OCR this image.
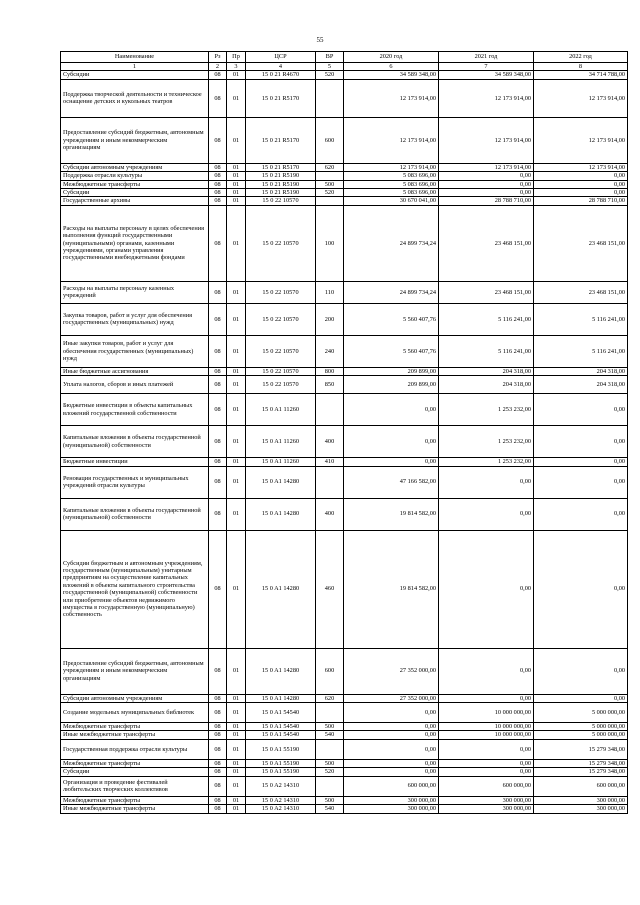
55
Наименование	Рз	Пр	ЦСР	ВР	2020 год	2021 год	2022 год
1	2	3	4	5	6	7	8
Субсидии	08	01	15 0 21 R4670	520	34 589 348,00	34 589 348,00	34 714 788,00
Поддержка творческой деятельности и техническое оснащение детских и кукольных театров	08	01	15 0 21 R5170		12 173 914,00	12 173 914,00	12 173 914,00
Предоставление субсидий бюджетным, автономным учреждениям и иным некоммерческим организациям	08	01	15 0 21 R5170	600	12 173 914,00	12 173 914,00	12 173 914,00
Субсидии автономным учреждениям	08	01	15 0 21 R5170	620	12 173 914,00	12 173 914,00	12 173 914,00
Поддержка отрасли культуры	08	01	15 0 21 R5190		5 083 696,00	0,00	0,00
Межбюджетные трансферты	08	01	15 0 21 R5190	500	5 083 696,00	0,00	0,00
Субсидии	08	01	15 0 21 R5190	520	5 083 696,00	0,00	0,00
Государственные архивы	08	01	15 0 22 10570		30 670 041,00	28 788 710,00	28 788 710,00
Расходы на выплаты персоналу в целях обеспечения выполнения функций государственными (муниципальными) органами, казенными учреждениями, органами управления государственными внебюджетными фондами	08	01	15 0 22 10570	100	24 899 734,24	23 468 151,00	23 468 151,00
Расходы на выплаты персоналу казенных учреждений	08	01	15 0 22 10570	110	24 899 734,24	23 468 151,00	23 468 151,00
Закупка товаров, работ и услуг для обеспечения государственных (муниципальных) нужд	08	01	15 0 22 10570	200	5 560 407,76	5 116 241,00	5 116 241,00
Иные закупки товаров, работ и услуг для обеспечения государственных (муниципальных) нужд	08	01	15 0 22 10570	240	5 560 407,76	5 116 241,00	5 116 241,00
Иные бюджетные ассигнования	08	01	15 0 22 10570	800	209 899,00	204 318,00	204 318,00
Уплата налогов, сборов и иных платежей	08	01	15 0 22 10570	850	209 899,00	204 318,00	204 318,00
Бюджетные инвестиции в объекты капитальных вложений государственной собственности	08	01	15 0 A1 11260		0,00	1 253 232,00	0,00
Капитальные вложения в объекты государственной (муниципальной) собственности	08	01	15 0 A1 11260	400	0,00	1 253 232,00	0,00
Бюджетные инвестиции	08	01	15 0 A1 11260	410	0,00	1 253 232,00	0,00
Реновация государственных и муниципальных учреждений отрасли культуры	08	01	15 0 A1 14280		47 166 582,00	0,00	0,00
Капитальные вложения в объекты государственной (муниципальной) собственности	08	01	15 0 A1 14280	400	19 814 582,00	0,00	0,00
Субсидии бюджетным и автономным учреждениям, государственным (муниципальным) унитарным предприятиям на осуществление капитальных вложений в объекты капитального строительства государственной (муниципальной) собственности или приобретение объектов недвижимого имущества в государственную (муниципальную) собственность	08	01	15 0 A1 14280	460	19 814 582,00	0,00	0,00
Предоставление субсидий бюджетным, автономным учреждениям и иным некоммерческим организациям	08	01	15 0 A1 14280	600	27 352 000,00	0,00	0,00
Субсидии автономным учреждениям	08	01	15 0 A1 14280	620	27 352 000,00	0,00	0,00
Создание модельных муниципальных библиотек	08	01	15 0 A1 54540		0,00	10 000 000,00	5 000 000,00
Межбюджетные трансферты	08	01	15 0 A1 54540	500	0,00	10 000 000,00	5 000 000,00
Иные межбюджетные трансферты	08	01	15 0 A1 54540	540	0,00	10 000 000,00	5 000 000,00
Государственная поддержка отрасли культуры	08	01	15 0 A1 55190		0,00	0,00	15 279 348,00
Межбюджетные трансферты	08	01	15 0 A1 55190	500	0,00	0,00	15 279 348,00
Субсидии	08	01	15 0 A1 55190	520	0,00	0,00	15 279 348,00
Организация и проведение фестивалей любительских творческих коллективов	08	01	15 0 A2 14310		600 000,00	600 000,00	600 000,00
Межбюджетные трансферты	08	01	15 0 A2 14310	500	300 000,00	300 000,00	300 000,00
Иные межбюджетные трансферты	08	01	15 0 A2 14310	540	300 000,00	300 000,00	300 000,00
